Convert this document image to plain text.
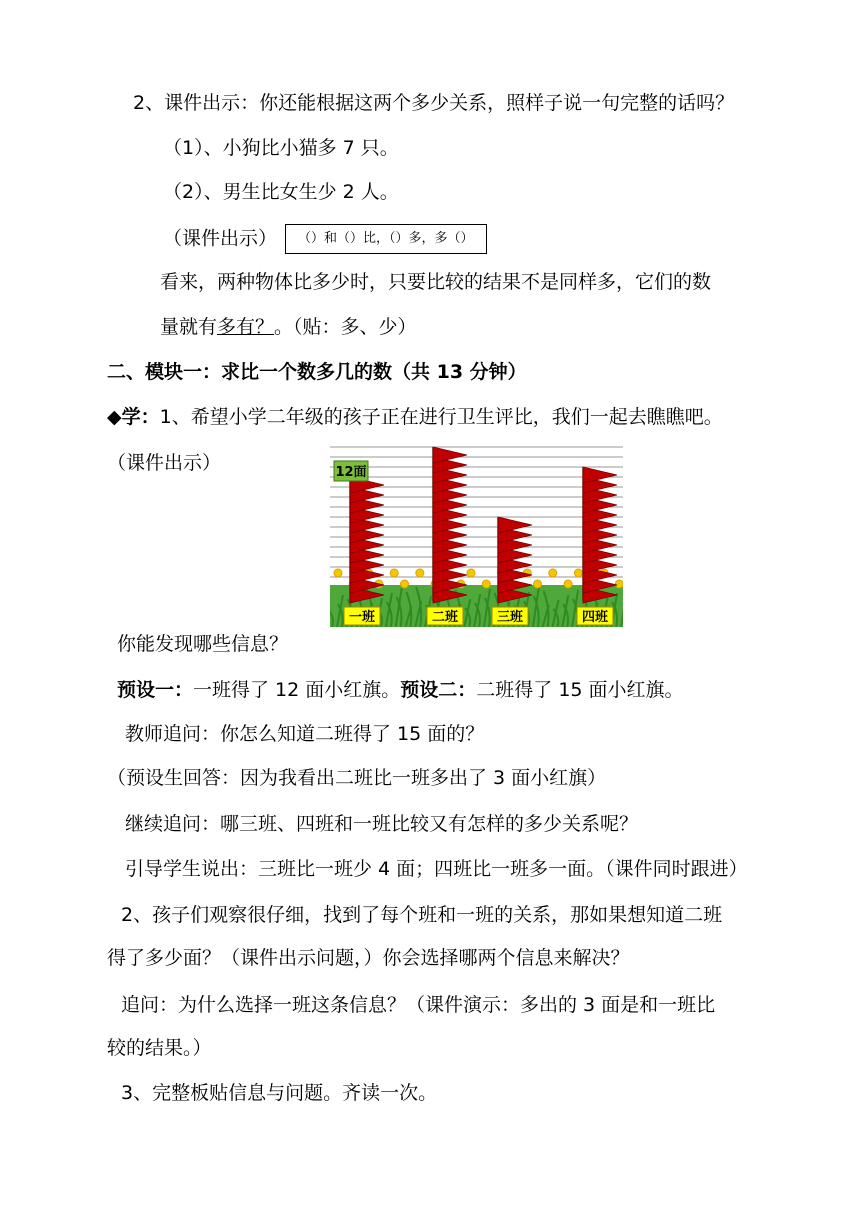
2、课件出示：你还能根据这两个多少关系，照样子说一句完整的话吗？
（1）、小狗比小猫多 7 只。
（2）、男生比女生少 2 人。
（课件出示） （）和（）比，（）多，多（）
看来，两种物体比多少时，只要比较的结果不是同样多，它们的数
量就有多有？。（贴：多、少）
二、模块一：求比一个数多几的数（共 13 分钟）
◆学：1、希望小学二年级的孩子正在进行卫生评比，我们一起去瞧瞧吧。
（课件出示）
一班	二班	三班	四班
12面
你能发现哪些信息？
预设一：一班得了 12 面小红旗。预设二：二班得了 15 面小红旗。
教师追问：你怎么知道二班得了 15 面的？
（预设生回答：因为我看出二班比一班多出了 3 面小红旗）
继续追问：哪三班、四班和一班比较又有怎样的多少关系呢？
引导学生说出：三班比一班少 4 面；四班比一班多一面。（课件同时跟进）
2、孩子们观察很仔细，找到了每个班和一班的关系，那如果想知道二班
得了多少面？（课件出示问题，）你会选择哪两个信息来解决？
追问：为什么选择一班这条信息？（课件演示：多出的 3 面是和一班比
较的结果。）
3、完整板贴信息与问题。齐读一次。
